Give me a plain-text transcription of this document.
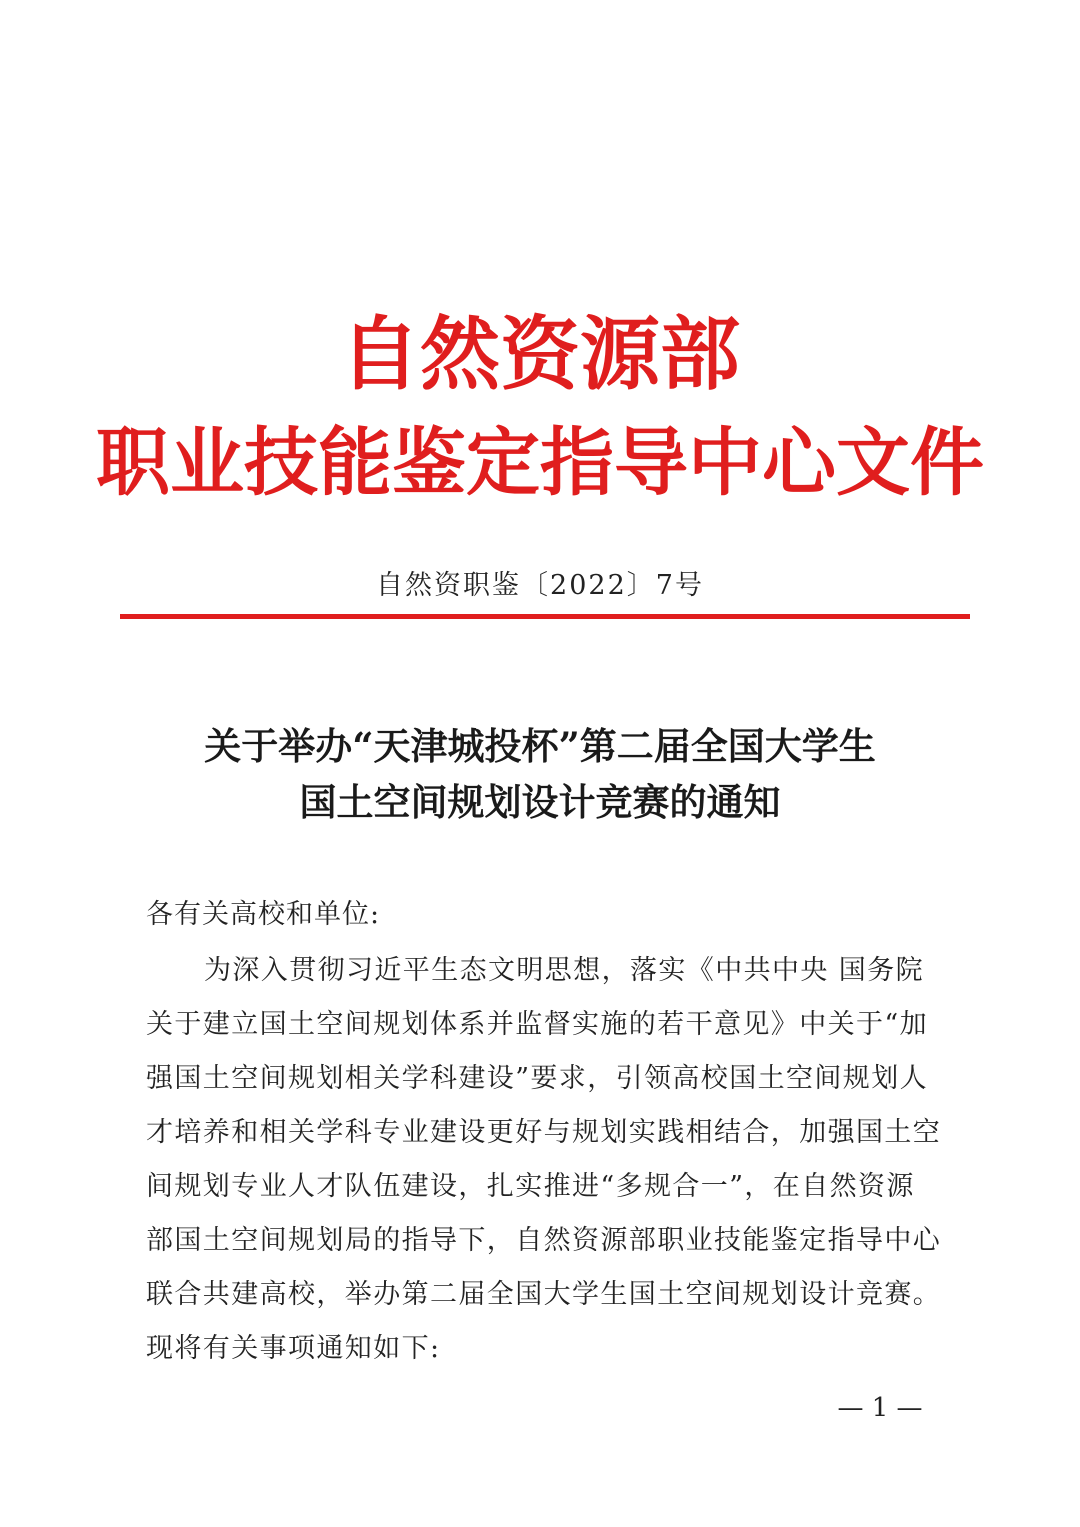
自然资源部
职业技能鉴定指导中心文件
自然资职鉴〔2022〕7号
关于举办“天津城投杯”第二届全国大学生
国土空间规划设计竞赛的通知
各有关高校和单位:
为深入贯彻习近平生态文明思想，落实《中共中央 国务院
关于建立国土空间规划体系并监督实施的若干意见》中关于“加
强国土空间规划相关学科建设”要求，引领高校国土空间规划人
才培养和相关学科专业建设更好与规划实践相结合，加强国土空
间规划专业人才队伍建设，扎实推进“多规合一”，在自然资源
部国土空间规划局的指导下，自然资源部职业技能鉴定指导中心
联合共建高校，举办第二届全国大学生国土空间规划设计竞赛。
现将有关事项通知如下:
— 1 —
